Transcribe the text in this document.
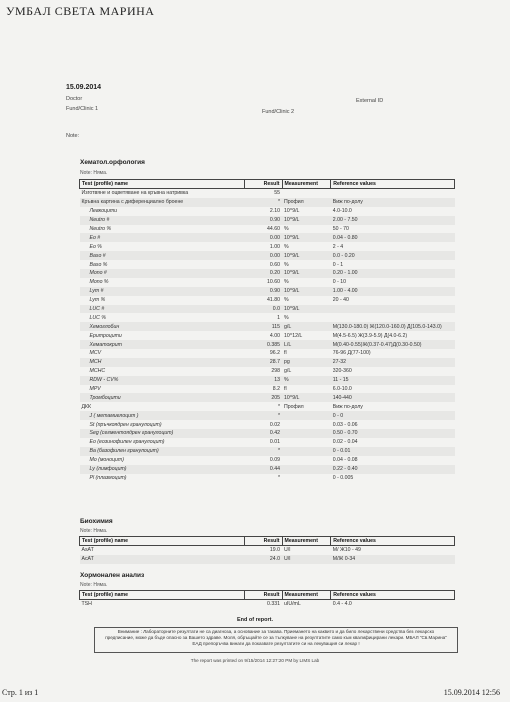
УМБАЛ СВЕТА МАРИНА
15.09.2014
Doctor
Fund/Clinic 1	Fund/Clinic 2
External ID
Note:
Хематол.орфология
Note: Няма.
Test (profile) name	Result	Measurement	Reference values
Изготвяне и оцветяване на кръвна натривка	55		
Кръвна картина с диференциално броене	*	Профил	Виж по-долу
Левкоцити	2.10	10^9/L	4.0-10.0
Neutro #	0.90	10^9/L	2.00 - 7.50
Neutro %	44.60	%	50 - 70
Eo #	0.00	10^9/L	0.04 - 0.80
Eo %	1.00	%	2 - 4
Baso #	0.00	10^9/L	0.0 - 0.20
Baso %	0.60	%	0 - 1
Mono #	0.20	10^9/L	0.20 - 1.00
Mono %	10.60	%	0 - 10
Lym #	0.90	10^9/L	1.00 - 4.00
Lym %	41.80	%	20 - 40
LUC #	0.0	10^9/L	
LUC %	1	%	
Хемоглобин	115	g/L	М(130.0-180.0) Ж(120.0-160.0) Д(105.0-143.0)
Еритроцити	4.00	10^12/L	М(4.5-6.5) Ж(3.9-5.9) Д(4.0-6.2)
Хематокрит	0.385	L/L	М(0.40-0.55)Ж(0.37-0.47)Д(0.30-0.50)
MCV	96.2	fl	76-96 Д(77-100)
MCH	28.7	pg	27-32
MCHC	298	g/L	320-360
RDW - CV%	13	%	11 - 15
MPV	8.2	fl	6.0-10.0
Тромбоцити	205	10^9/L	140-440
ДКК	*	Профил	Виж по-долу
J ( метамиелоцит )	*		0 - 0
St (пръчкоядрен гранулоцит)	0.02		0.03 - 0.06
Seg (сегментоядрен гранулоцит)	0.42		0.50 - 0.70
Eo (еозинофилен гранулоцит)	0.01		0.02 - 0.04
Ba (базофилен гранулоцит)	*		0 - 0.01
Mo (моноцит)	0.09		0.04 - 0.08
Ly (лимфоцит)	0.44		0.22 - 0.40
Pl (плазмоцит)	*		0 - 0.005
Биохимия
Note: Няма.
Test (profile) name	Result	Measurement	Reference values
AsAT	19.0	U/l	М/ Ж10 - 49
AcAT	24.0	U/l	М/Ж 0-34
Хормонален анализ
Note: Няма.
Test (profile) name	Result	Measurement	Reference values
TSH	0.331	uIU/mL	0.4 - 4.0
End of report.
Внимание : Лабораторните резултати не са диагноза, а основание за такава. Приемането на каквито и да било лекарствени средства без лекарско
предписание, може да бъде опасно за Вашето здраве. Моля, обръщайте се за тълкуване на резултатите само към квалифицирани лекари. МБАЛ "Св.Марина"
ЕАД препоръчва винаги да показвате резултатите си на лекуващия си лекар !
The report was printed on 9/15/2014 12:27:20 PM by LIMS Lab
Стр. 1 из 1	15.09.2014 12:56
